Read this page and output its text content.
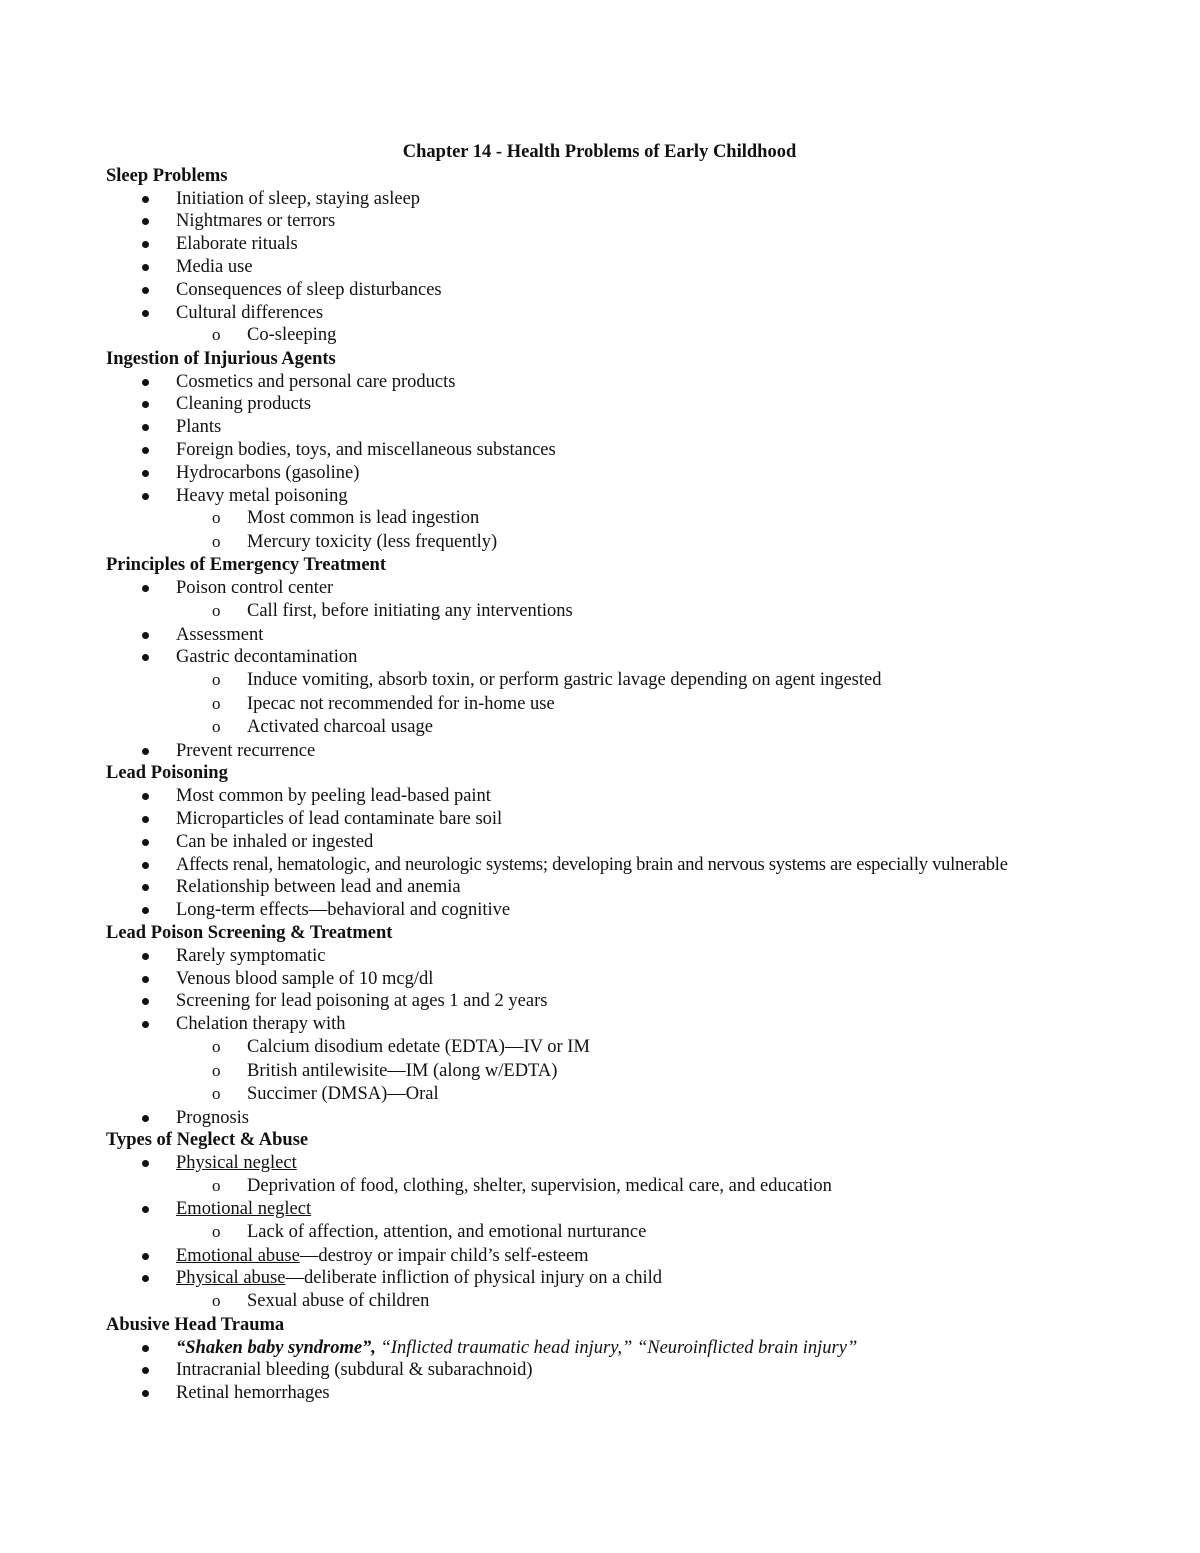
Chapter 14 - Health Problems of Early Childhood
Sleep Problems
Initiation of sleep, staying asleep
Nightmares or terrors
Elaborate rituals
Media use
Consequences of sleep disturbances
Cultural differences
o Co-sleeping
Ingestion of Injurious Agents
Cosmetics and personal care products
Cleaning products
Plants
Foreign bodies, toys, and miscellaneous substances
Hydrocarbons (gasoline)
Heavy metal poisoning
o Most common is lead ingestion
o Mercury toxicity (less frequently)
Principles of Emergency Treatment
Poison control center
o Call first, before initiating any interventions
Assessment
Gastric decontamination
o Induce vomiting, absorb toxin, or perform gastric lavage depending on agent ingested
o Ipecac not recommended for in-home use
o Activated charcoal usage
Prevent recurrence
Lead Poisoning
Most common by peeling lead-based paint
Microparticles of lead contaminate bare soil
Can be inhaled or ingested
Affects renal, hematologic, and neurologic systems; developing brain and nervous systems are especially vulnerable
Relationship between lead and anemia
Long-term effects—behavioral and cognitive
Lead Poison Screening & Treatment
Rarely symptomatic
Venous blood sample of 10 mcg/dl
Screening for lead poisoning at ages 1 and 2 years
Chelation therapy with
o Calcium disodium edetate (EDTA)—IV or IM
o British antilewisite—IM (along w/EDTA)
o Succimer (DMSA)—Oral
Prognosis
Types of Neglect & Abuse
Physical neglect
o Deprivation of food, clothing, shelter, supervision, medical care, and education
Emotional neglect
o Lack of affection, attention, and emotional nurturance
Emotional abuse—destroy or impair child’s self-esteem
Physical abuse—deliberate infliction of physical injury on a child
o Sexual abuse of children
Abusive Head Trauma
“Shaken baby syndrome”, “Inflicted traumatic head injury,” “Neuroinflicted brain injury”
Intracranial bleeding (subdural & subarachnoid)
Retinal hemorrhages
